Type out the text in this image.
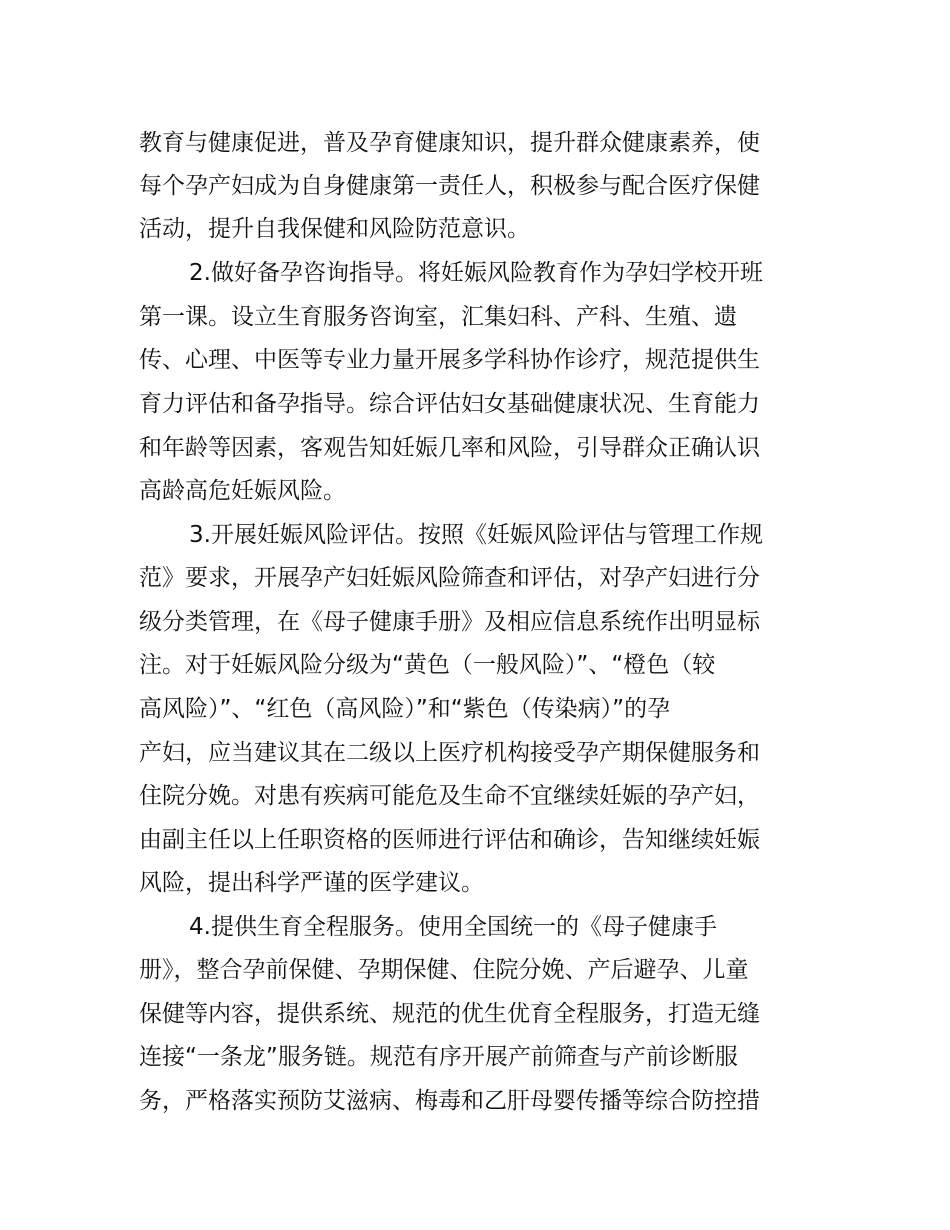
教育与健康促进，普及孕育健康知识，提升群众健康素养，使
每个孕产妇成为自身健康第一责任人，积极参与配合医疗保健
活动，提升自我保健和风险防范意识。
2.做好备孕咨询指导。将妊娠风险教育作为孕妇学校开班
第一课。设立生育服务咨询室，汇集妇科、产科、生殖、遗
传、心理、中医等专业力量开展多学科协作诊疗，规范提供生
育力评估和备孕指导。综合评估妇女基础健康状况、生育能力
和年龄等因素，客观告知妊娠几率和风险，引导群众正确认识
高龄高危妊娠风险。
3.开展妊娠风险评估。按照《妊娠风险评估与管理工作规
范》要求，开展孕产妇妊娠风险筛查和评估，对孕产妇进行分
级分类管理，在《母子健康手册》及相应信息系统作出明显标
注。对于妊娠风险分级为“黄色（一般风险）”、“橙色（较
高风险）”、“红色（高风险）”和“紫色（传染病）”的孕
产妇，应当建议其在二级以上医疗机构接受孕产期保健服务和
住院分娩。对患有疾病可能危及生命不宜继续妊娠的孕产妇，
由副主任以上任职资格的医师进行评估和确诊，告知继续妊娠
风险，提出科学严谨的医学建议。
4.提供生育全程服务。使用全国统一的《母子健康手
册》，整合孕前保健、孕期保健、住院分娩、产后避孕、儿童
保健等内容，提供系统、规范的优生优育全程服务，打造无缝
连接“一条龙”服务链。规范有序开展产前筛查与产前诊断服
务，严格落实预防艾滋病、梅毒和乙肝母婴传播等综合防控措
